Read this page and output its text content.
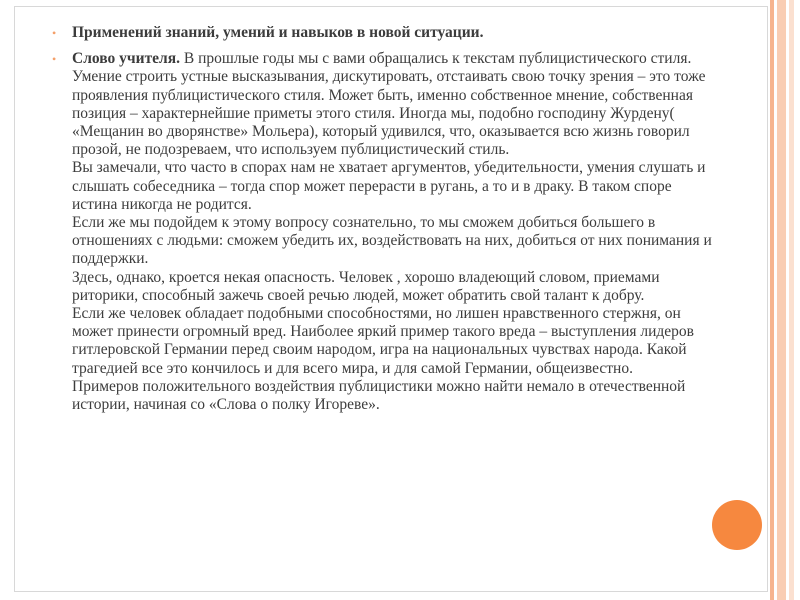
• Применений знаний, умений и навыков в новой ситуации.
• Слово учителя. В прошлые годы мы с вами обращались к текстам публицистического стиля. Умение строить устные высказывания, дискутировать, отстаивать свою точку зрения – это тоже проявления публицистического стиля. Может быть, именно собственное мнение, собственная позиция – характернейшие приметы этого стиля. Иногда мы, подобно господину Журдену( «Мещанин во дворянстве» Мольера), который удивился, что, оказывается всю жизнь говорил прозой, не подозреваем, что используем публицистический стиль.
Вы замечали, что часто в спорах нам не хватает аргументов, убедительности, умения слушать и слышать собеседника – тогда спор может перерасти в ругань, а то и в драку. В таком споре истина никогда не родится.
Если же мы подойдем к этому вопросу сознательно, то мы сможем добиться большего в отношениях с людьми: сможем убедить их, воздействовать на них, добиться от них понимания и поддержки.
Здесь, однако, кроется некая опасность. Человек , хорошо владеющий словом, приемами риторики, способный зажечь своей речью людей, может обратить свой талант к добру.
Если же человек обладает подобными способностями, но лишен нравственного стержня, он может принести огромный вред. Наиболее яркий пример такого вреда – выступления лидеров гитлеровской Германии перед своим народом, игра на национальных чувствах народа. Какой трагедией все это кончилось и для всего мира, и для самой Германии, общеизвестно.
Примеров положительного воздействия публицистики можно найти немало в отечественной истории, начиная со «Слова о полку Игореве».
